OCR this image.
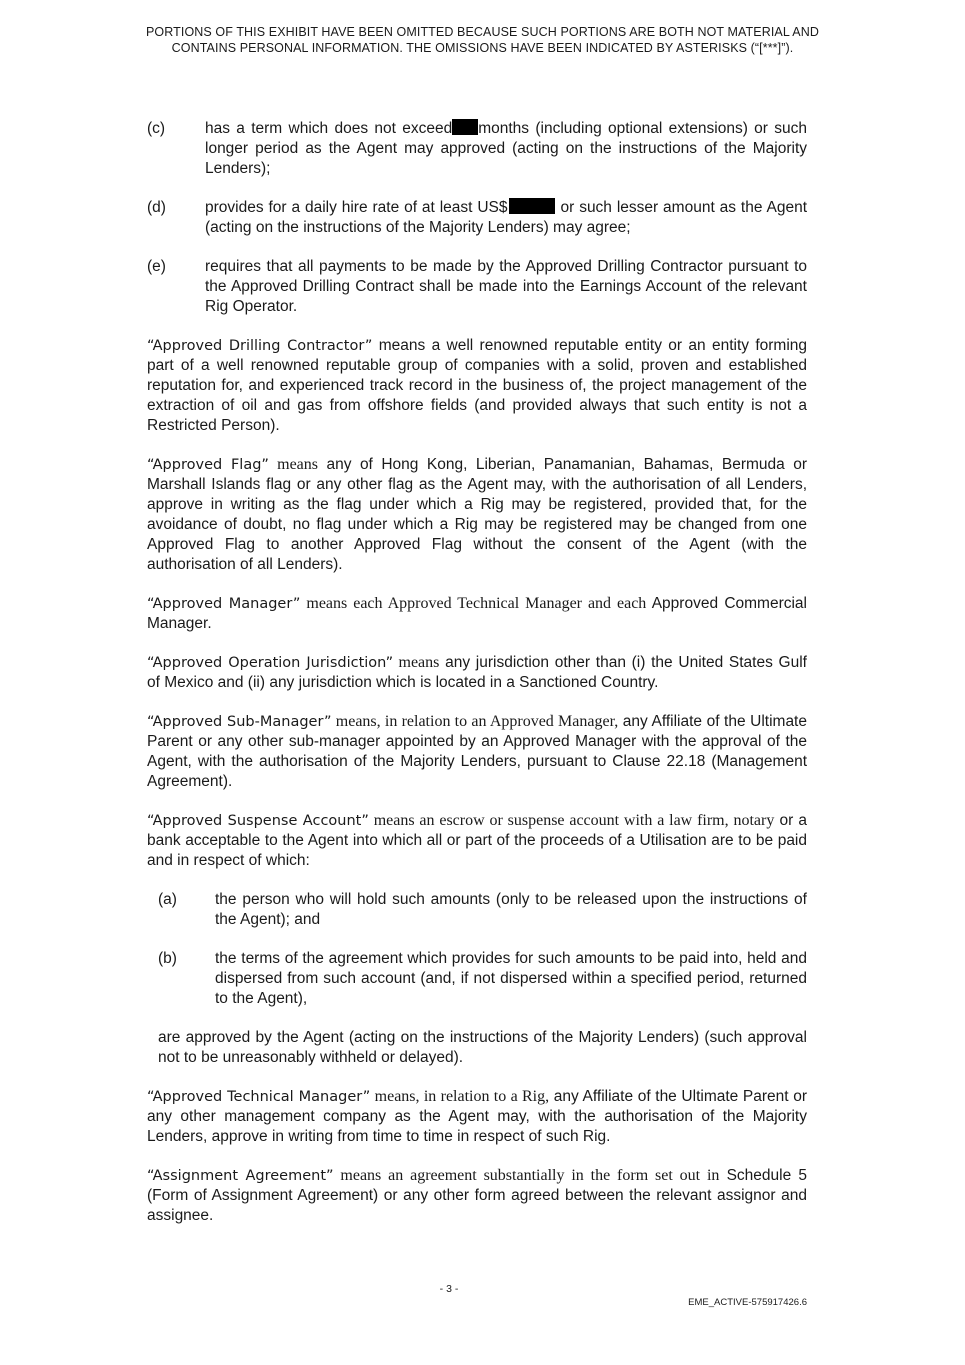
PORTIONS OF THIS EXHIBIT HAVE BEEN OMITTED BECAUSE SUCH PORTIONS ARE BOTH NOT MATERIAL AND
CONTAINS PERSONAL INFORMATION. THE OMISSIONS HAVE BEEN INDICATED BY ASTERISKS (“[***]”).
(c)	has a term which does not exceed months (including optional extensions) or such longer period as the Agent may approved (acting on the instructions of the Majority Lenders);
(d)	provides for a daily hire rate of at least US$	or such lesser amount as the Agent (acting on the instructions of the Majority Lenders) may agree;
(e)	requires that all payments to be made by the Approved Drilling Contractor pursuant to the Approved Drilling Contract shall be made into the Earnings Account of the relevant Rig Operator.

“Approved Drilling Contractor” means a well renowned reputable entity or an entity forming part of a well renowned reputable group of companies with a solid, proven and established reputation for, and experienced track record in the business of, the project management of the extraction of oil and gas from offshore fields (and provided always that such entity is not a Restricted Person).

“Approved Flag” means any of Hong Kong, Liberian, Panamanian, Bahamas, Bermuda or Marshall Islands flag or any other flag as the Agent may, with the authorisation of all Lenders, approve in writing as the flag under which a Rig may be registered, provided that, for the avoidance of doubt, no flag under which a Rig may be registered may be changed from one Approved Flag to another Approved Flag without the consent of the Agent (with the authorisation of all Lenders).

“Approved Manager” means each Approved Technical Manager and each Approved Commercial Manager.

“Approved Operation Jurisdiction” means any jurisdiction other than (i) the United States Gulf of Mexico and (ii) any jurisdiction which is located in a Sanctioned Country.

“Approved Sub-Manager” means, in relation to an Approved Manager, any Affiliate of the Ultimate Parent or any other sub-manager appointed by an Approved Manager with the approval of the Agent, with the authorisation of the Majority Lenders, pursuant to Clause 22.18 (Management Agreement).

“Approved Suspense Account” means an escrow or suspense account with a law firm, notary or a bank acceptable to the Agent into which all or part of the proceeds of a Utilisation are to be paid and in respect of which:

(a)	the person who will hold such amounts (only to be released upon the instructions of the Agent); and
(b)	the terms of the agreement which provides for such amounts to be paid into, held and dispersed from such account (and, if not dispersed within a specified period, returned to the Agent),

are approved by the Agent (acting on the instructions of the Majority Lenders) (such approval not to be unreasonably withheld or delayed).

“Approved Technical Manager” means, in relation to a Rig, any Affiliate of the Ultimate Parent or any other management company as the Agent may, with the authorisation of the Majority Lenders, approve in writing from time to time in respect of such Rig.

“Assignment Agreement” means an agreement substantially in the form set out in Schedule 5 (Form of Assignment Agreement) or any other form agreed between the relevant assignor and assignee.

- 3 -
EME_ACTIVE-575917426.6
